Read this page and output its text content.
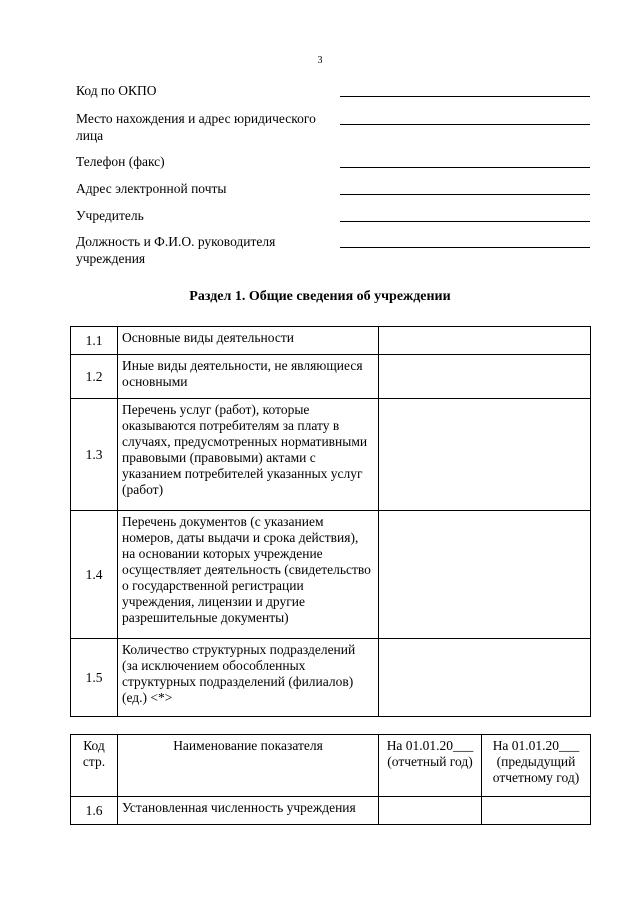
3
Код по ОКПО
Место нахождения и адрес юридического лица
Телефон (факс)
Адрес электронной почты
Учредитель
Должность и Ф.И.О. руководителя учреждения
Раздел 1. Общие сведения об учреждении
1.1	Основные виды деятельности	
1.2	Иные виды деятельности, не являющиеся основными	
1.3	Перечень услуг (работ), которые оказываются потребителям за плату в случаях, предусмотренных нормативными правовыми (правовыми) актами с указанием потребителей указанных услуг (работ)	
1.4	Перечень документов (с указанием номеров, даты выдачи и срока действия), на основании которых учреждение осуществляет деятельность (свидетельство о государственной регистрации учреждения, лицензии и другие разрешительные документы)	
1.5	Количество структурных подразделений (за исключением обособленных структурных подразделений (филиалов) (ед.) <*>	
Код стр.	Наименование показателя	На 01.01.20___ (отчетный год)	На 01.01.20___ (предыдущий отчетному год)
1.6	Установленная численность учреждения		
